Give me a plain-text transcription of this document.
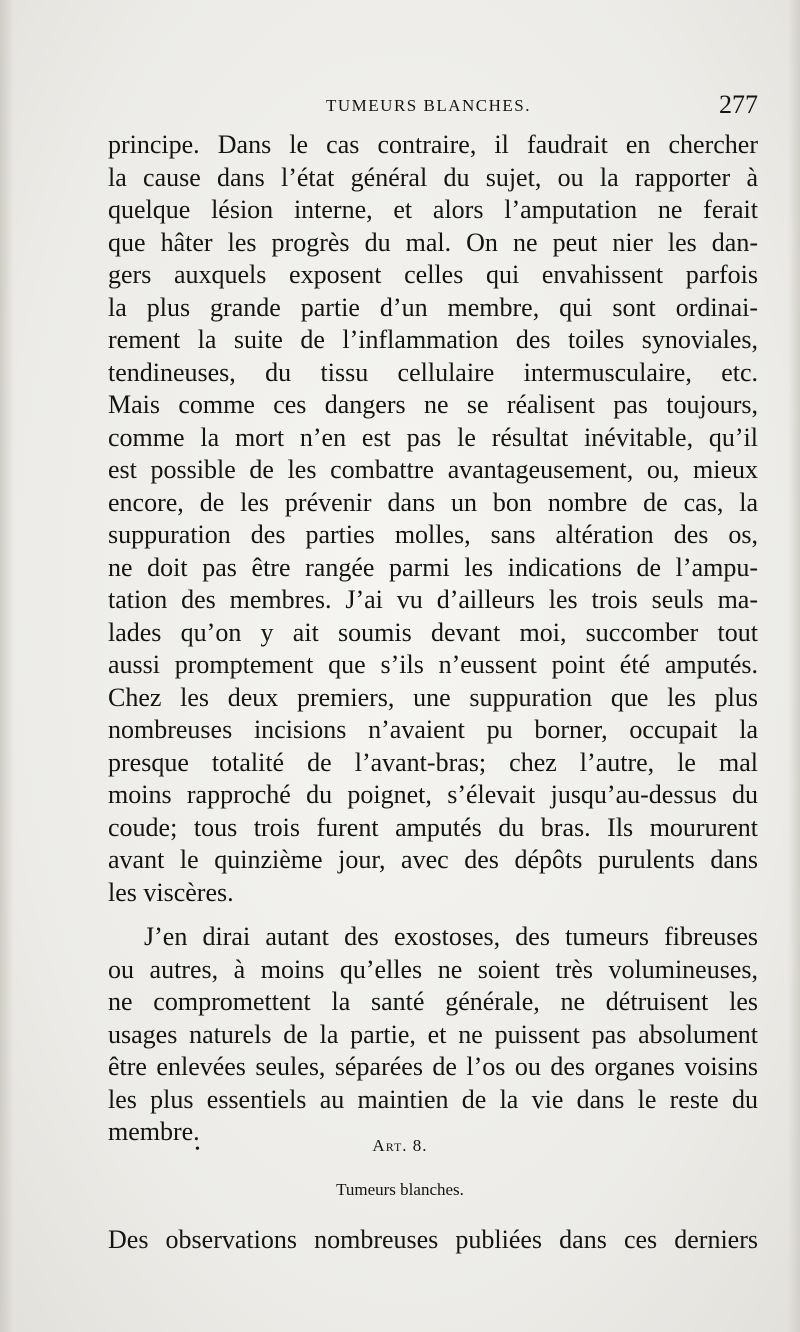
TUMEURS BLANCHES.	277
principe. Dans le cas contraire, il faudrait en chercher
la cause dans l’état général du sujet, ou la rapporter à
quelque lésion interne, et alors l’amputation ne ferait
que hâter les progrès du mal. On ne peut nier les dan-
gers auxquels exposent celles qui envahissent parfois
la plus grande partie d’un membre, qui sont ordinai-
rement la suite de l’inflammation des toiles synoviales,
tendineuses, du tissu cellulaire intermusculaire, etc.
Mais comme ces dangers ne se réalisent pas toujours,
comme la mort n’en est pas le résultat inévitable, qu’il
est possible de les combattre avantageusement, ou, mieux
encore, de les prévenir dans un bon nombre de cas, la
suppuration des parties molles, sans altération des os,
ne doit pas être rangée parmi les indications de l’ampu-
tation des membres. J’ai vu d’ailleurs les trois seuls ma-
lades qu’on y ait soumis devant moi, succomber tout
aussi promptement que s’ils n’eussent point été amputés.
Chez les deux premiers, une suppuration que les plus
nombreuses incisions n’avaient pu borner, occupait la
presque totalité de l’avant-bras; chez l’autre, le mal
moins rapproché du poignet, s’élevait jusqu’au-dessus du
coude; tous trois furent amputés du bras. Ils moururent
avant le quinzième jour, avec des dépôts purulents dans
les viscères.
J’en dirai autant des exostoses, des tumeurs fibreuses
ou autres, à moins qu’elles ne soient très volumineuses,
ne compromettent la santé générale, ne détruisent les
usages naturels de la partie, et ne puissent pas absolument
être enlevées seules, séparées de l’os ou des organes voisins
les plus essentiels au maintien de la vie dans le reste du
membre.
•	Art. 8.
Tumeurs blanches.
Des observations nombreuses publiées dans ces derniers
